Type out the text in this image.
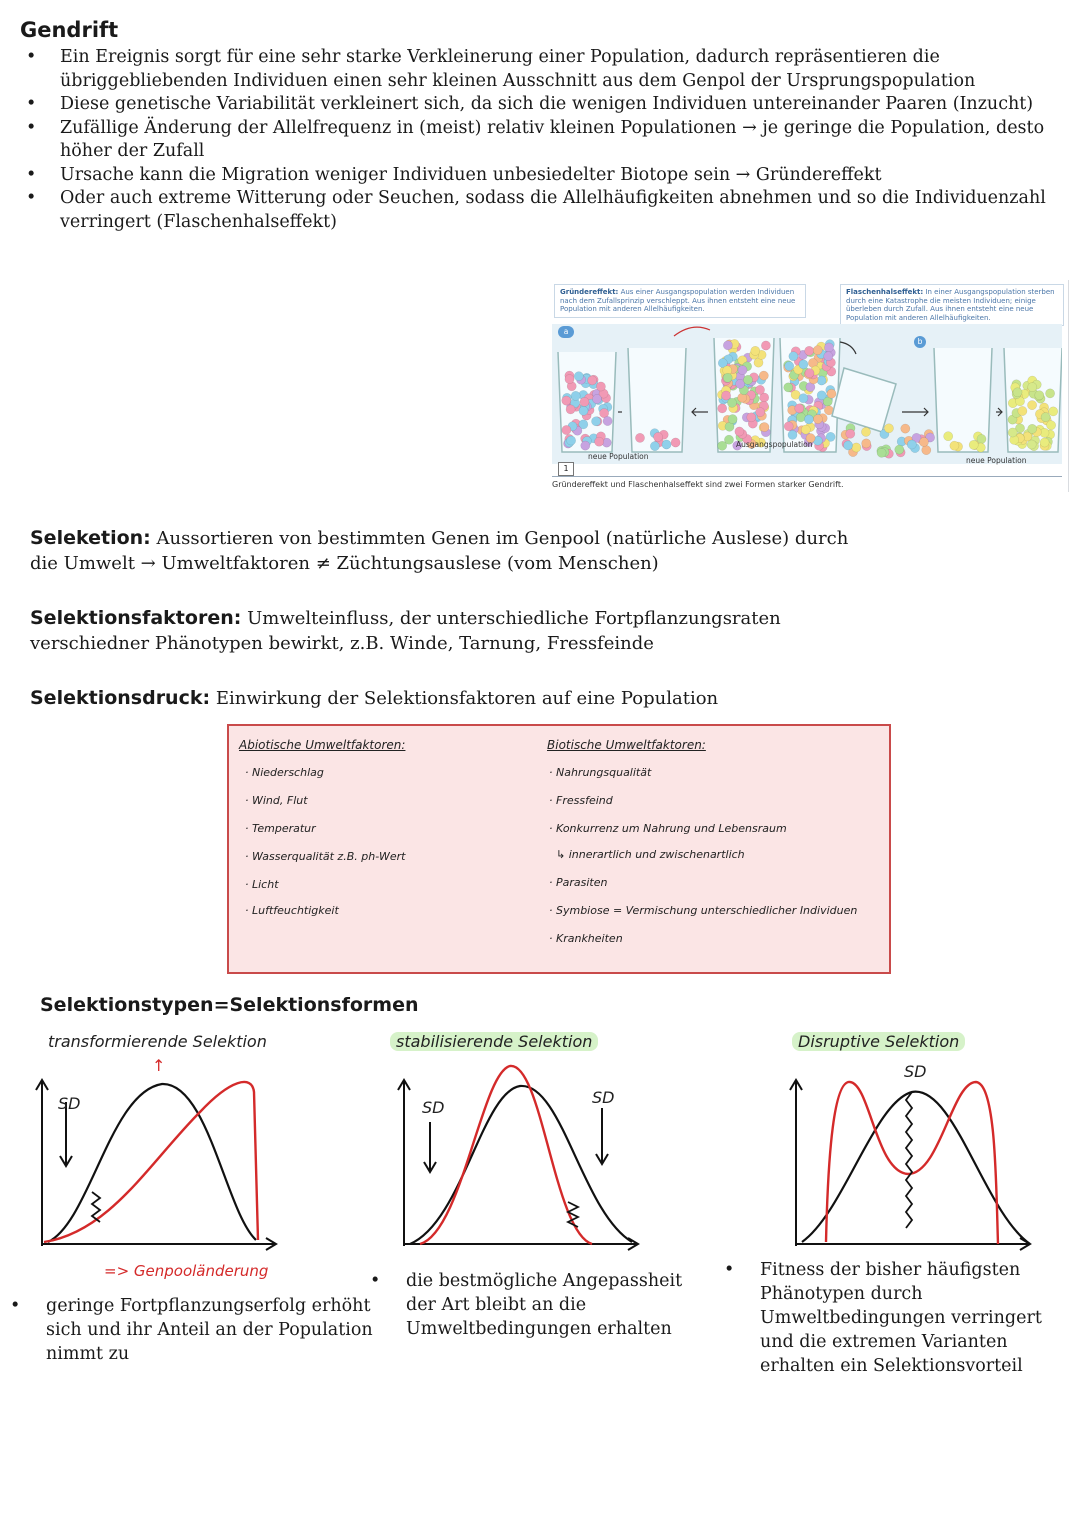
Gendrift
• Ein Ereignis sorgt für eine sehr starke Verkleinerung einer Population, dadurch repräsentieren die übriggebliebenden Individuen einen sehr kleinen Ausschnitt aus dem Genpol der Ursprungspopulation
• Diese genetische Variabilität verkleinert sich, da sich die wenigen Individuen untereinander Paaren (Inzucht)
• Zufällige Änderung der Allelfrequenz in (meist) relativ kleinen Populationen → je geringe die Population, desto höher der Zufall
• Ursache kann die Migration weniger Individuen unbesiedelter Biotope sein → Gründereffekt
• Oder auch extreme Witterung oder Seuchen, sodass die Allelhäufigkeiten abnehmen und so die Individuenzahl verringert (Flaschenhalseffekt)
Gründereffekt: Aus einer Ausgangspopulation werden Individuen nach dem Zufallsprinzip verschleppt. Aus ihnen entsteht eine neue Population mit anderen Allelhäufigkeiten.
Flaschenhalseffekt: In einer Ausgangspopulation sterben durch eine Katastrophe die meisten Individuen; einige überleben durch Zufall. Aus ihnen entsteht eine neue Population mit anderen Allelhäufigkeiten.
a
b
neue Population
Ausgangspopulation
neue Population
1
Gründereffekt und Flaschenhalseffekt sind zwei Formen starker Gendrift.
Seleketion: Aussortieren von bestimmten Genen im Genpool (natürliche Auslese) durch die Umwelt → Umweltfaktoren ≠ Züchtungsauslese (vom Menschen)
Selektionsfaktoren: Umwelteinfluss, der unterschiedliche Fortpflanzungsraten verschiedner Phänotypen bewirkt, z.B. Winde, Tarnung, Fressfeinde
Selektionsdruck: Einwirkung der Selektionsfaktoren auf eine Population
Abiotische Umweltfaktoren:
· Niederschlag
· Wind, Flut
· Temperatur
· Wasserqualität z.B. ph-Wert
· Licht
· Luftfeuchtigkeit
Biotische Umweltfaktoren:
· Nahrungsqualität
· Fressfeind
· Konkurrenz um Nahrung und Lebensraum
↳ innerartlich und zwischenartlich
· Parasiten
· Symbiose = Vermischung unterschiedlicher Individuen
· Krankheiten
Selektionstypen=Selektionsformen
transformierende Selektion	stabilisierende Selektion	Disruptive Selektion
SD
↑
=> Genpooländerung
SD
SD
SD
• geringe Fortpflanzungserfolg erhöht sich und ihr Anteil an der Population nimmt zu
• die bestmögliche Angepassheit der Art bleibt an die Umweltbedingungen erhalten
• Fitness der bisher häufigsten Phänotypen durch Umweltbedingungen verringert und die extremen Varianten erhalten ein Selektionsvorteil
